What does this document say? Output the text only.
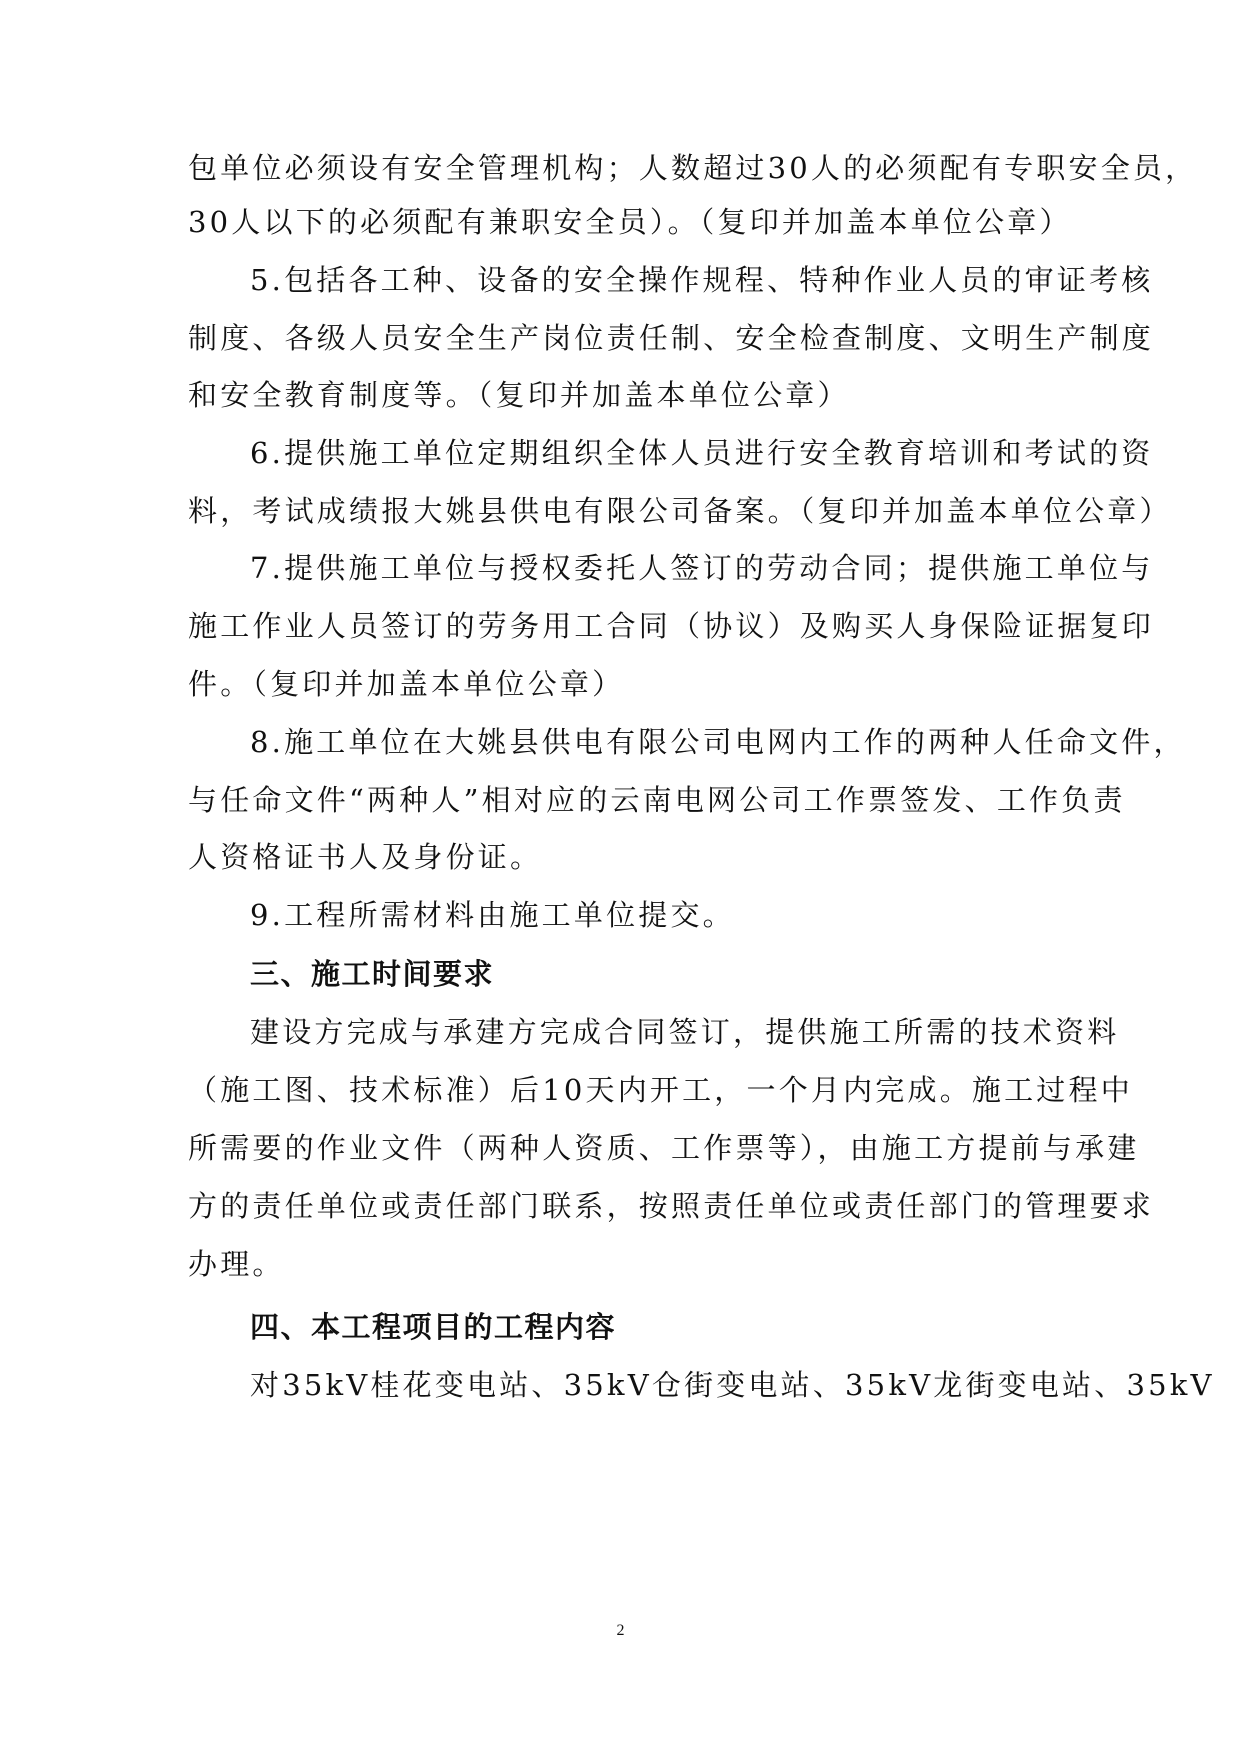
包单位必须设有安全管理机构；人数超过30人的必须配有专职安全员，
30人以下的必须配有兼职安全员）。（复印并加盖本单位公章）
5.包括各工种、设备的安全操作规程、特种作业人员的审证考核
制度、各级人员安全生产岗位责任制、安全检查制度、文明生产制度
和安全教育制度等。（复印并加盖本单位公章）
6.提供施工单位定期组织全体人员进行安全教育培训和考试的资
料，考试成绩报大姚县供电有限公司备案。（复印并加盖本单位公章）
7.提供施工单位与授权委托人签订的劳动合同；提供施工单位与
施工作业人员签订的劳务用工合同（协议）及购买人身保险证据复印
件。（复印并加盖本单位公章）
8.施工单位在大姚县供电有限公司电网内工作的两种人任命文件，
与任命文件“两种人”相对应的云南电网公司工作票签发、工作负责
人资格证书人及身份证。
9.工程所需材料由施工单位提交。
三、施工时间要求
建设方完成与承建方完成合同签订，提供施工所需的技术资料
（施工图、技术标准）后10天内开工，一个月内完成。施工过程中
所需要的作业文件（两种人资质、工作票等），由施工方提前与承建
方的责任单位或责任部门联系，按照责任单位或责任部门的管理要求
办理。
四、本工程项目的工程内容
对35kV桂花变电站、35kV仓街变电站、35kV龙街变电站、35kV
2
